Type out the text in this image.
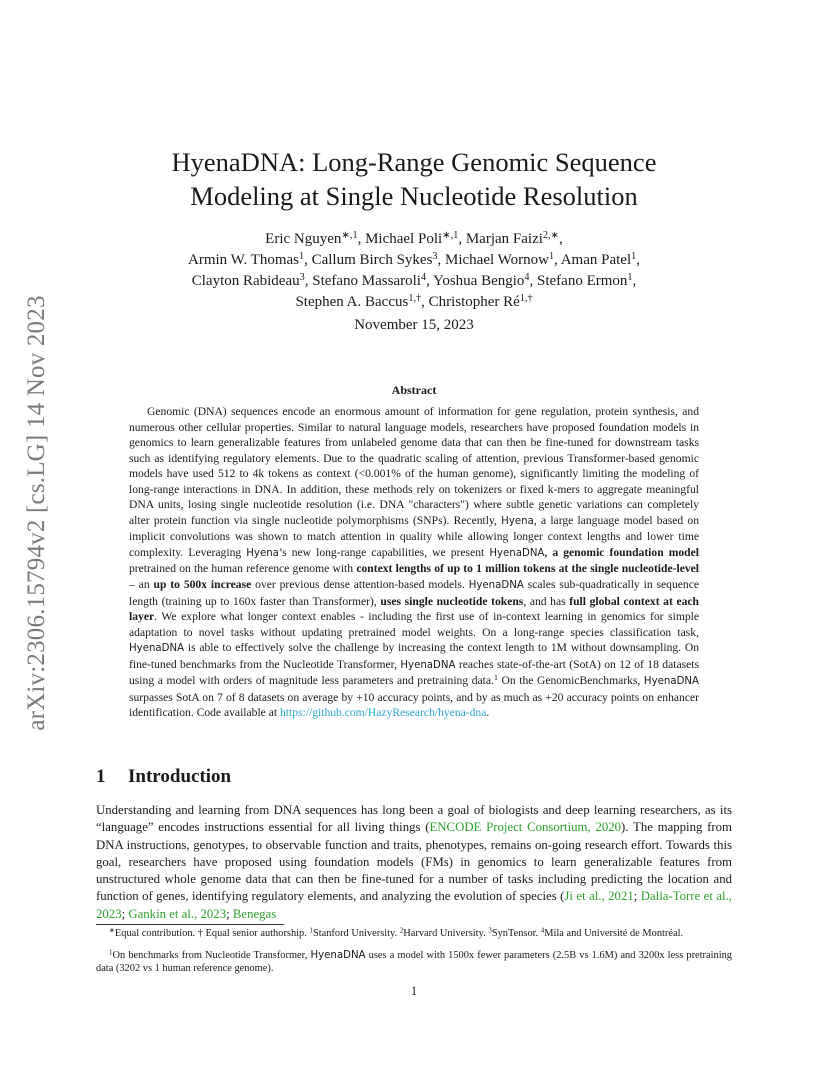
arXiv:2306.15794v2 [cs.LG] 14 Nov 2023
HyenaDNA: Long-Range Genomic Sequence
Modeling at Single Nucleotide Resolution
Eric Nguyen$^{∗,1}$, Michael Poli$^{∗,1}$, Marjan Faizi$^{2,∗}$,
Armin W. Thomas$^1$, Callum Birch Sykes$^3$, Michael Wornow$^1$, Aman Patel$^1$,
Clayton Rabideau$^3$, Stefano Massaroli$^4$, Yoshua Bengio$^4$, Stefano Ermon$^1$,
Stephen A. Baccus$^{1,\dagger}$, Christopher $Ré^{1,\dagger}$
November 15, 2023
Abstract
Genomic (DNA) sequences encode an enormous amount of information for gene regulation, protein synthesis, and numerous other cellular properties. Similar to natural language models, researchers have proposed foundation models in genomics to learn generalizable features from unlabeled genome data that can then be fine-tuned for downstream tasks such as identifying regulatory elements. Due to the quadratic scaling of attention, previous Transformer-based genomic models have used 512 to 4k tokens as context (<0.001% of the human genome), significantly limiting the modeling of long-range interactions in DNA. In addition, these methods rely on tokenizers or fixed k-mers to aggregate meaningful DNA units, losing single nucleotide resolution (i.e. DNA "characters") where subtle genetic variations can completely alter protein function via single nucleotide polymorphisms (SNPs). Recently, Hyena, a large language model based on implicit convolutions was shown to match attention in quality while allowing longer context lengths and lower time complexity. Leveraging Hyena’s new long-range capabilities, we present HyenaDNA, a genomic foundation model pretrained on the human reference genome with context lengths of up to 1 million tokens at the single nucleotide-level – an up to 500x increase over previous dense attention-based models. HyenaDNA scales sub-quadratically in sequence length (training up to 160x faster than Transformer), uses single nucleotide tokens, and has full global context at each layer. We explore what longer context enables - including the first use of in-context learning in genomics for simple adaptation to novel tasks without updating pretrained model weights. On a long-range species classification task, HyenaDNA is able to effectively solve the challenge by increasing the context length to 1M without downsampling. On fine-tuned benchmarks from the Nucleotide Transformer, HyenaDNA reaches state-of-the-art (SotA) on 12 of 18 datasets using a model with orders of magnitude less parameters and pretraining data.$^1$ On the GenomicBenchmarks, HyenaDNA surpasses SotA on 7 of 8 datasets on average by +10 accuracy points, and by as much as +20 accuracy points on enhancer identification. Code available at https://github.com/HazyResearch/hyena-dna.
1 Introduction
Understanding and learning from DNA sequences has long been a goal of biologists and deep learning researchers, as its “language” encodes instructions essential for all living things (ENCODE Project Consortium, 2020). The mapping from DNA instructions, genotypes, to observable function and traits, phenotypes, remains on-going research effort. Towards this goal, researchers have proposed using foundation models (FMs) in genomics to learn generalizable features from unstructured whole genome data that can then be fine-tuned for a number of tasks including predicting the location and function of genes, identifying regulatory elements, and analyzing the evolution of species (Ji et al., 2021; Dalla-Torre et al., 2023; Gankin et al., 2023; Benegas

∗Equal contribution. † Equal senior authorship. $^1$Stanford University. $^2$Harvard University. $^3$SynTensor. $^4$Mila and Université de Montréal.

$^1$On benchmarks from Nucleotide Transformer, HyenaDNA uses a model with 1500x fewer parameters (2.5B vs 1.6M) and 3200x less pretraining data (3202 vs 1 human reference genome).

1
